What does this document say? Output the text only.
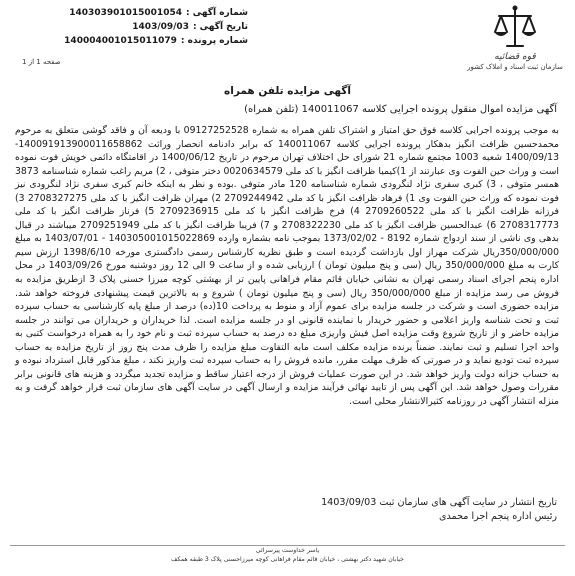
شماره آگهی :
140303901015001054
تاریخ آگهی :
1403/09/03
شماره پرونده :
140004001015011079
صفحه 1 از 1	قوه قضائیه
سازمان ثبت اسناد و املاک کشور
آگهی مزایده تلفن همراه
آگهی مزایده اموال منقول پرونده اجرایی کلاسه 140011067 (تلفن همراه)

به موجب پرونده اجرایی کلاسه فوق حق امتیاز و اشتراک تلفن همراه به شماره 09127252528 با ودیعه آن و فاقد گوشی متعلق به مرحوم محمدحسین ظرافت انگیز بدهکار پرونده اجرایی کلاسه 140011067 که برابر دادنامه انحصار وراثت 140091913900011658862-1400/09/13 شعبه 1003 مجتمع شماره 21 شورای حل اختلاف تهران مرحوم در تاریخ 1400/06/12 در اقامتگاه دائمی خویش فوت نموده است و وراث حین الفوت وی عبارتند از 1)کیمیا ظرافت انگیز با کد ملی 0020634579 دختر متوفی ، 2) مریم راغب شماره شناسنامه 3873 همسر متوفی ، 3) کبری سفری نژاد لنگرودی شماره شناسنامه 120 مادر متوفی .بوده و نظر به اینکه خانم کبری سفری نژاد لنگرودی نیز فوت نموده که وراث حین الفوت وی 1) فرهاد ظرافت انگیز با کد ملی 2709244942 2) مهران ظرافت انگیز با کد ملی 2708327275 3) فرزانه ظرافت انگیز با کد ملی 2709260522 4) فرخ ظرافت انگیز با کد ملی 2709236915 5) فرناز ظرافت انگیز با کد ملی 2708317773 6) عبدالحسین ظرافت انگیز با کد ملی 2708322230 و 7) فریبا ظرافت انگیز با کد ملی 2709251949 میباشند در قبال بدهی وی ناشی از سند ازدواج شماره 8192 - 1373/02/02 بموجب نامه بشماره وارده 140305001015022869 - 1403/07/01 به مبلغ 350/000/000ریال شرکت مهراز اول بازداشت گردیده است و طبق نظریه کارشناس رسمی دادگستری مورخه 1398/6/10 ارزش سیم کارت به مبلغ 350/000/000 ریال (سی و پنج میلیون تومان ) ارزیابی شده و از ساعت 9 الی 12 روز دوشنبه مورخ 1403/09/26 در محل اداره پنجم اجرای اسناد رسمی تهران به نشانی خیابان قائم مقام فراهانی پایین تر از بهشتی کوچه میرزا حسنی پلاک 3 ازطریق مزایده به فروش می رسد مزایده از مبلغ 350/000/000 ریال (سی و پنج میلیون تومان ) شروع و به بالاترین قیمت پیشنهادی فروخته خواهد شد. مزایده حضوری است و شرکت در جلسه مزایده برای عموم آزاد و منوط به پرداخت 10(ده) درصد از مبلغ پایه کارشناسی به حساب سپرده ثبت و تحت شناسه واریز اعلامی و حضور خریدار با نماینده قانونی او در جلسه مزایده است. لذا خریداران و خریداران می توانند در جلسه مزایده حاضر و از تاریخ شروع وقت مزایده اصل فیش واریزی مبلغ ده درصد به حساب سپرده ثبت و نام خود را به همراه درخواست کتبی به واحد اجرا تسلیم و ثبت نمایند. ضمناً برنده مزایده مکلف است مابه التفاوت مبلغ مزایده را ظرف مدت پنج روز از تاریخ مزایده به حساب سپرده ثبت تودیع نماید و در صورتی که ظرف مهلت مقرر، مانده فروش را به حساب سپرده ثبت واریز نکند ، مبلغ مذکور قابل استرداد نبوده و به حساب خزانه دولت واریز خواهد شد. در این صورت عملیات فروش از درجه اعتبار ساقط و مزایده تجدید میگردد و هزینه های قانونی برابر مقررات وصول خواهد شد. این آگهی پس از تایید نهائی فرآیند مزایده و ارسال آگهی در سایت آگهی های سازمان ثبت قرار خواهد گرفت و به منزله انتشار آگهی در روزنامه کثیرالانتشار محلی است.

تاریخ انتشار در سایت آگهی های سازمان ثبت 1403/09/03
رئیس اداره پنجم اجرا محمدی
یاسر خداوست پیرسرائی
خیابان شهید دکتر بهشتی ، خیابان قائم مقام فراهانی کوچه میرزاحسنی پلاک 3 طبقه همکف
